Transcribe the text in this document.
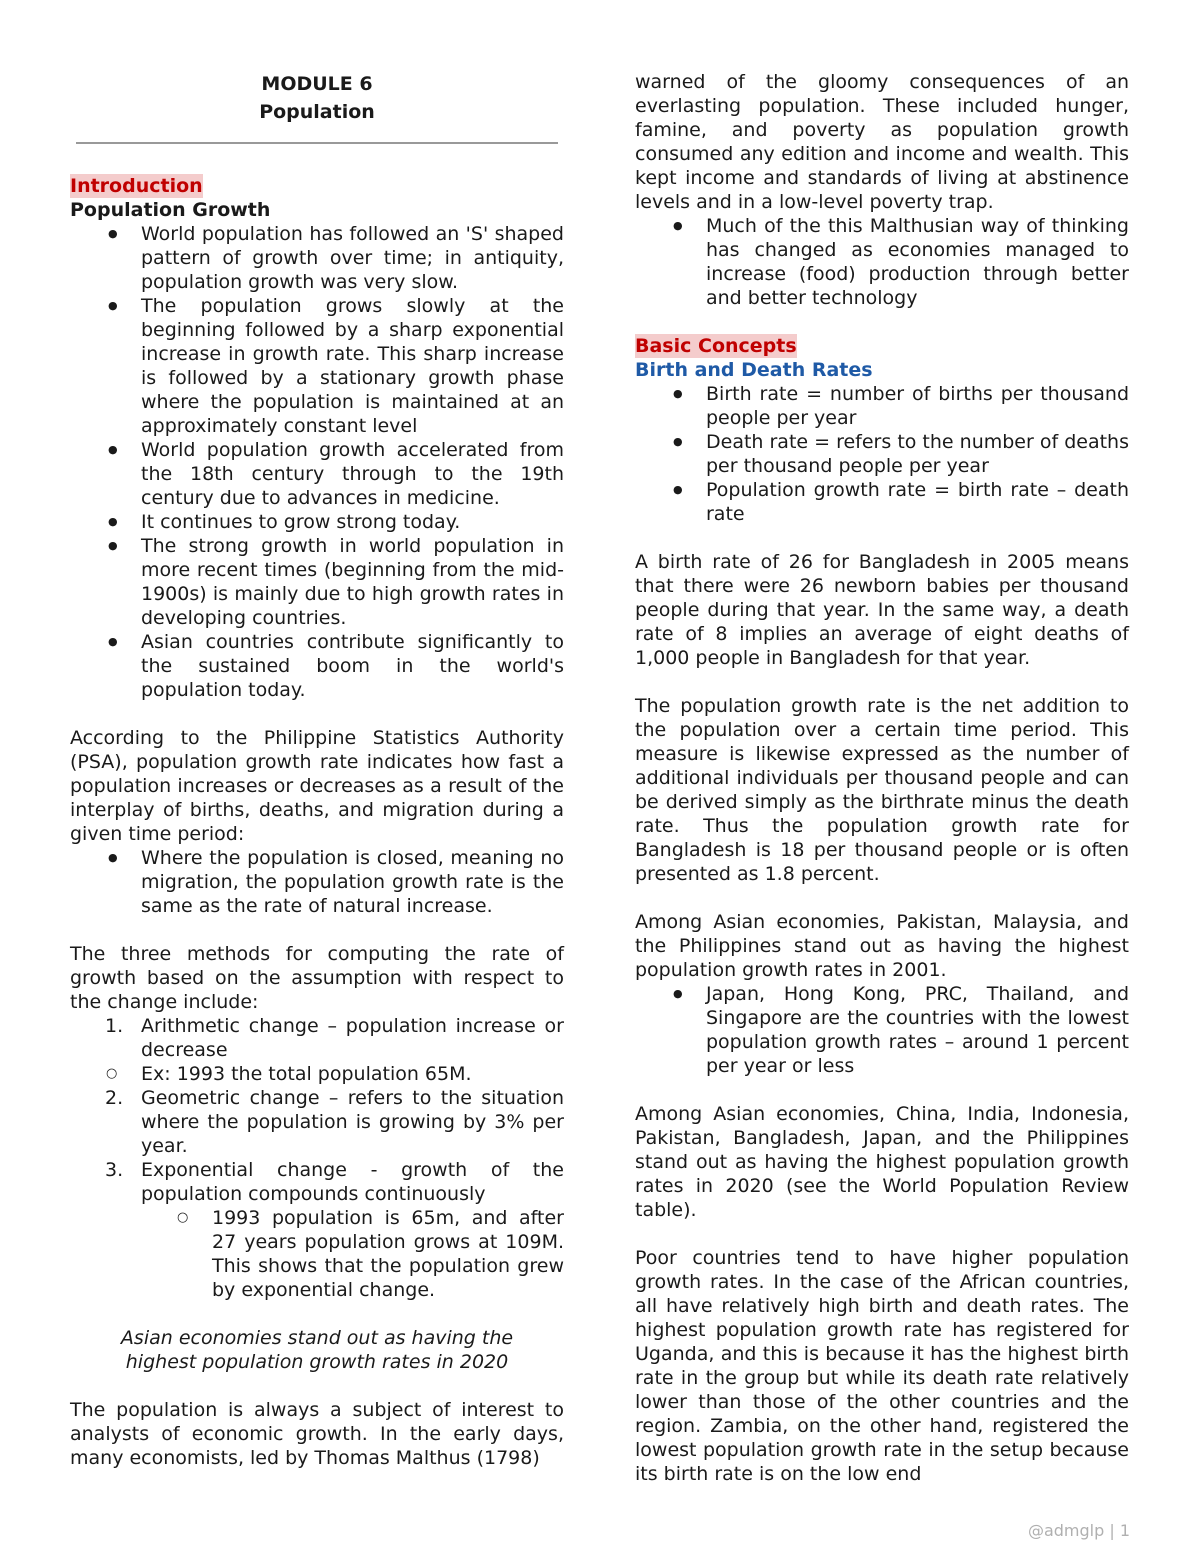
MODULE 6
Population
Introduction
Population Growth
● World population has followed an 'S' shaped pattern of growth over time; in antiquity, population growth was very slow.
● The population grows slowly at the beginning followed by a sharp exponential increase in growth rate. This sharp increase is followed by a stationary growth phase where the population is maintained at an approximately constant level
● World population growth accelerated from the 18th century through to the 19th century due to advances in medicine.
● It continues to grow strong today.
● The strong growth in world population in more recent times (beginning from the mid-1900s) is mainly due to high growth rates in developing countries.
● Asian countries contribute significantly to the sustained boom in the world's population today.

According to the Philippine Statistics Authority (PSA), population growth rate indicates how fast a population increases or decreases as a result of the interplay of births, deaths, and migration during a given time period:

● Where the population is closed, meaning no migration, the population growth rate is the same as the rate of natural increase.

The three methods for computing the rate of growth based on the assumption with respect to the change include:

1. Arithmetic change – population increase or decrease
○ Ex: 1993 the total population 65M.
2. Geometric change – refers to the situation where the population is growing by 3% per year.
3. Exponential change - growth of the population compounds continuously
○ 1993 population is 65m, and after 27 years population grows at 109M. This shows that the population grew by exponential change.

Asian economies stand out as having the highest population growth rates in 2020

The population is always a subject of interest to analysts of economic growth. In the early days, many economists, led by Thomas Malthus (1798)

warned of the gloomy consequences of an everlasting population. These included hunger, famine, and poverty as population growth consumed any edition and income and wealth. This kept income and standards of living at abstinence levels and in a low-level poverty trap.

● Much of the this Malthusian way of thinking has changed as economies managed to increase (food) production through better and better technology
Basic Concepts
Birth and Death Rates
● Birth rate = number of births per thousand people per year
● Death rate = refers to the number of deaths per thousand people per year
● Population growth rate = birth rate – death rate

A birth rate of 26 for Bangladesh in 2005 means that there were 26 newborn babies per thousand people during that year. In the same way, a death rate of 8 implies an average of eight deaths of 1,000 people in Bangladesh for that year.

The population growth rate is the net addition to the population over a certain time period. This measure is likewise expressed as the number of additional individuals per thousand people and can be derived simply as the birthrate minus the death rate. Thus the population growth rate for Bangladesh is 18 per thousand people or is often presented as 1.8 percent.

Among Asian economies, Pakistan, Malaysia, and the Philippines stand out as having the highest population growth rates in 2001.

● Japan, Hong Kong, PRC, Thailand, and Singapore are the countries with the lowest population growth rates – around 1 percent per year or less

Among Asian economies, China, India, Indonesia, Pakistan, Bangladesh, Japan, and the Philippines stand out as having the highest population growth rates in 2020 (see the World Population Review table).

Poor countries tend to have higher population growth rates. In the case of the African countries, all have relatively high birth and death rates. The highest population growth rate has registered for Uganda, and this is because it has the highest birth rate in the group but while its death rate relatively lower than those of the other countries and the region. Zambia, on the other hand, registered the lowest population growth rate in the setup because its birth rate is on the low end

@admglp | 1
